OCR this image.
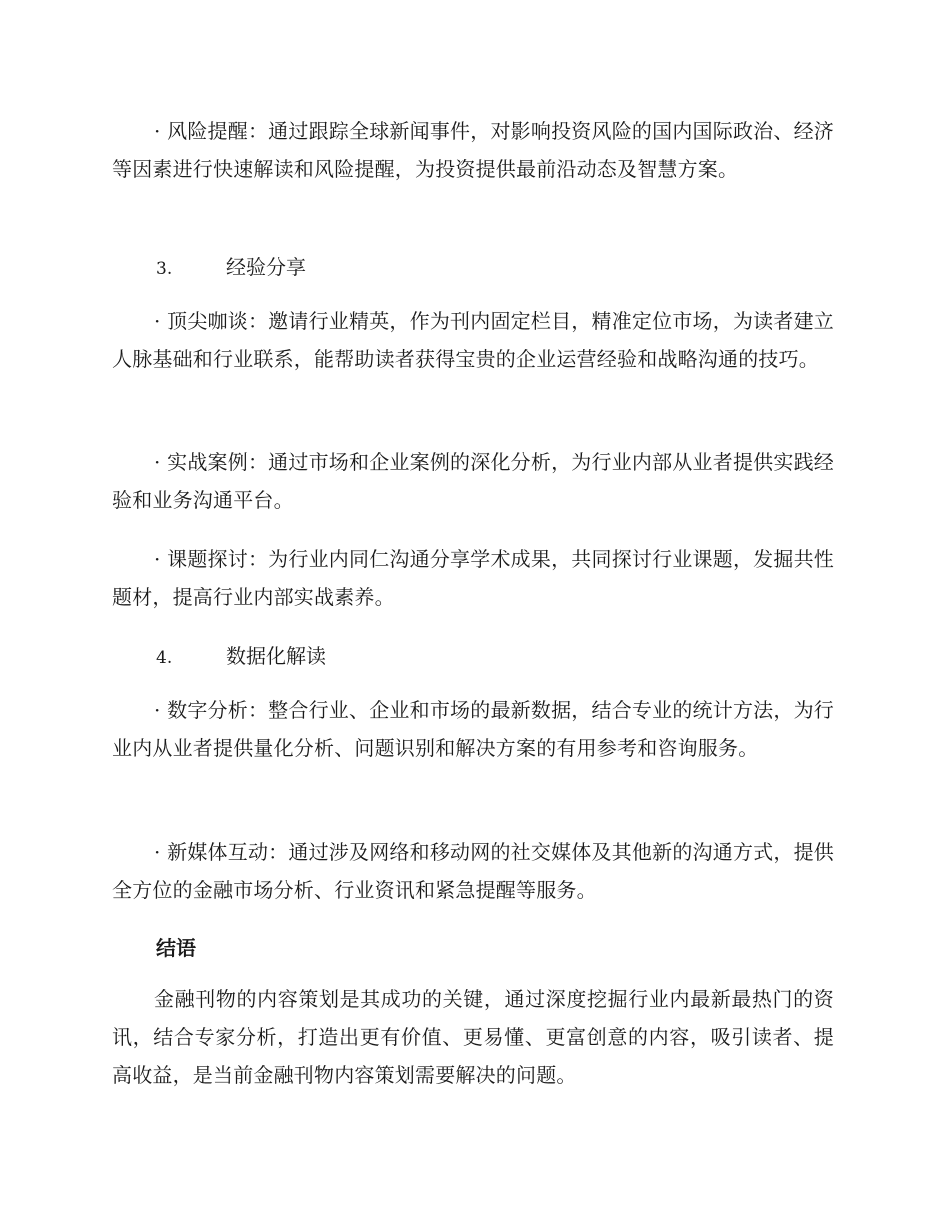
· 风险提醒：通过跟踪全球新闻事件，对影响投资风险的国内国际政治、经济等因素进行快速解读和风险提醒，为投资提供最前沿动态及智慧方案。

3.	经验分享

· 顶尖咖谈：邀请行业精英，作为刊内固定栏目，精准定位市场，为读者建立人脉基础和行业联系，能帮助读者获得宝贵的企业运营经验和战略沟通的技巧。

· 实战案例：通过市场和企业案例的深化分析，为行业内部从业者提供实践经验和业务沟通平台。

· 课题探讨：为行业内同仁沟通分享学术成果，共同探讨行业课题，发掘共性题材，提高行业内部实战素养。

4.	数据化解读

· 数字分析：整合行业、企业和市场的最新数据，结合专业的统计方法，为行业内从业者提供量化分析、问题识别和解决方案的有用参考和咨询服务。

· 新媒体互动：通过涉及网络和移动网的社交媒体及其他新的沟通方式，提供全方位的金融市场分析、行业资讯和紧急提醒等服务。

结语

金融刊物的内容策划是其成功的关键，通过深度挖掘行业内最新最热门的资讯，结合专家分析，打造出更有价值、更易懂、更富创意的内容，吸引读者、提高收益，是当前金融刊物内容策划需要解决的问题。
